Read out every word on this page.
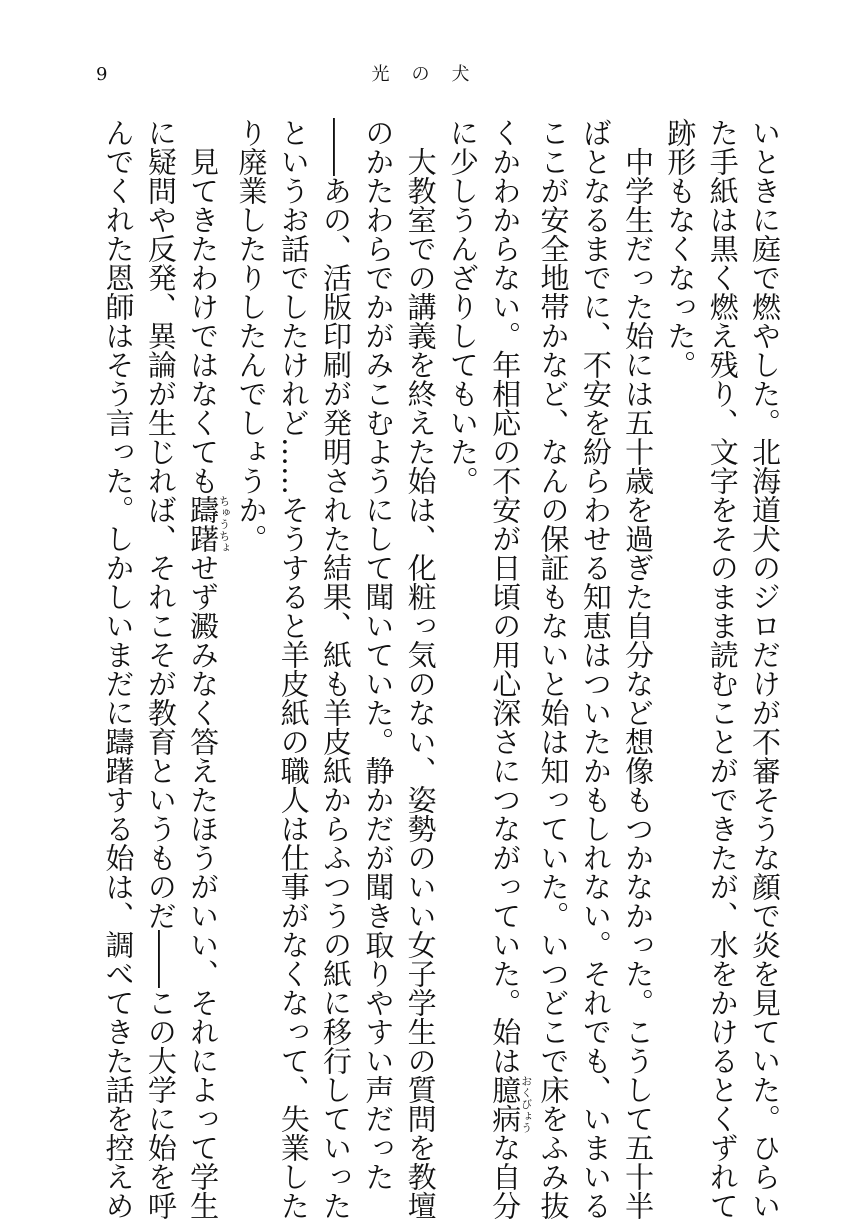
9	光の犬
いときに庭で燃やした。北海道犬のジロだけが不審そうな顔で炎を見ていた。ひらい
た手紙は黒く燃え残り、文字をそのまま読むことができたが、水をかけるとくずれて
跡形もなくなった。
　中学生だった始には五十歳を過ぎた自分など想像もつかなかった。こうして五十半
ばとなるまでに、不安を紛らわせる知恵はついたかもしれない。それでも、いまいる
ここが安全地帯かなど、なんの保証もないと始は知っていた。いつどこで床をふみ抜
くかわからない。年相応の不安が日頃の用心深さにつながっていた。始は臆病おくびょうな自分
に少しうんざりしてもいた。
　大教室での講義を終えた始は、化粧っ気のない、姿勢のいい女子学生の質問を教壇
のかたわらでかがみこむようにして聞いていた。静かだが聞き取りやすい声だった
――あの、活版印刷が発明された結果、紙も羊皮紙からふつうの紙に移行していった
というお話でしたけれど……そうすると羊皮紙の職人は仕事がなくなって、失業した
り廃業したりしたんでしょうか。
　見てきたわけではなくても躊躇ちゅうちょせず澱みなく答えたほうがいい、それによって学生
に疑問や反発、異論が生じれば、それこそが教育というものだ――この大学に始を呼
んでくれた恩師はそう言った。しかしいまだに躊躇する始は、調べてきた話を控えめ
